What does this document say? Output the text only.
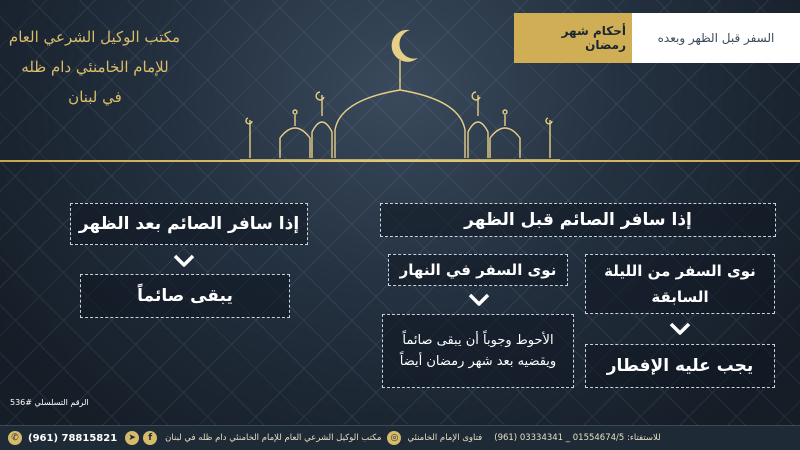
أحكام شهر رمضان	السفر قبل الظهر وبعده
مكتب الوكيل الشرعي العام
للإمام الخامنئي دام ظله
في لبنان
إذا سافر الصائم قبل الظهر
نوى السفر من الليلة السابقة
يجب عليه الإفطار
نوى السفر في النهار
الأحوط وجوباً أن يبقى صائماً ويقضيه بعد شهر رمضان أيضاً
إذا سافر الصائم بعد الظهر
يبقى صائماً
الرقم التسلسلي #536
✆ (961) 78815821	➤	f	مكتب الوكيل الشرعي العام للإمام الخامنئي دام ظله في لبنان	◎	فتاوى الإمام الخامنئي للاستفتاء: 01554674/5 _ 03334341 (961)
